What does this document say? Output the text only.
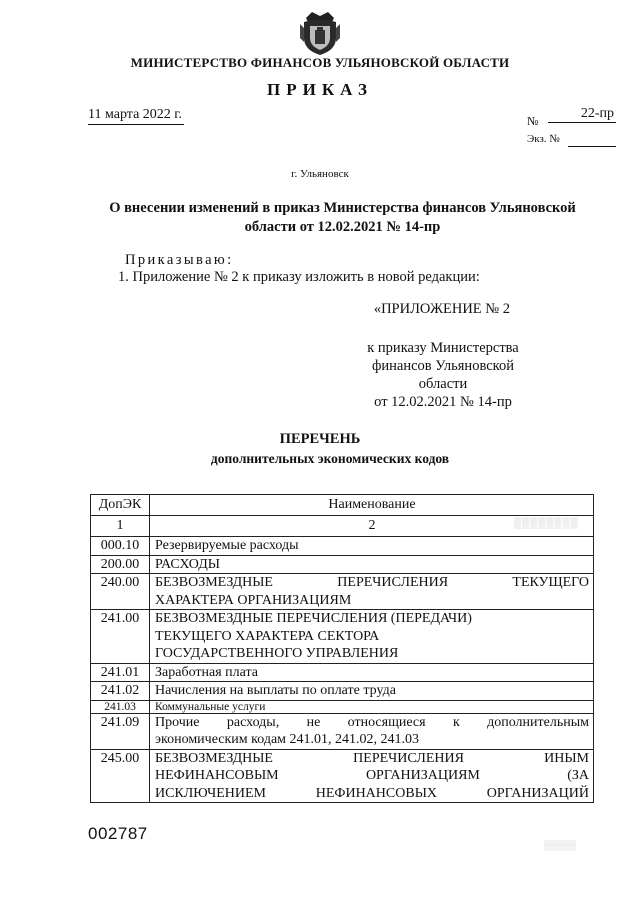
МИНИСТЕРСТВО ФИНАНСОВ УЛЬЯНОВСКОЙ ОБЛАСТИ
ПРИКАЗ
11 марта 2022 г.	№	22-пр
Экз. №
г. Ульяновск
О внесении изменений в приказ Министерства финансов Ульяновской
области от 12.02.2021 № 14-пр
Приказываю:
1. Приложение № 2 к приказу изложить в новой редакции:
«ПРИЛОЖЕНИЕ № 2
к приказу Министерства
финансов Ульяновской
области
от 12.02.2021 № 14-пр
ПЕРЕЧЕНЬ
дополнительных экономических кодов
ДопЭК	Наименование
1	2
000.10	Резервируемые расходы
200.00	РАСХОДЫ
240.00	БЕЗВОЗМЕЗДНЫЕ ПЕРЕЧИСЛЕНИЯ ТЕКУЩЕГО
ХАРАКТЕРА ОРГАНИЗАЦИЯМ

241.00	БЕЗВОЗМЕЗДНЫЕ ПЕРЕЧИСЛЕНИЯ (ПЕРЕДАЧИ)
ТЕКУЩЕГО ХАРАКТЕРА СЕКТОРА
ГОСУДАРСТВЕННОГО УПРАВЛЕНИЯ

241.01	Заработная плата
241.02	Начисления на выплаты по оплате труда
241.03	Коммунальные услуги
241.09	Прочие расходы, не относящиеся к дополнительным
экономическим кодам 241.01, 241.02, 241.03

245.00	БЕЗВОЗМЕЗДНЫЕ ПЕРЕЧИСЛЕНИЯ ИНЫМ
НЕФИНАНСОВЫМ ОРГАНИЗАЦИЯМ (ЗА
ИСКЛЮЧЕНИЕМ НЕФИНАНСОВЫХ ОРГАНИЗАЦИЙ
▒▒▒▒▒▒▒▒
▒▒▒▒▒
002787
